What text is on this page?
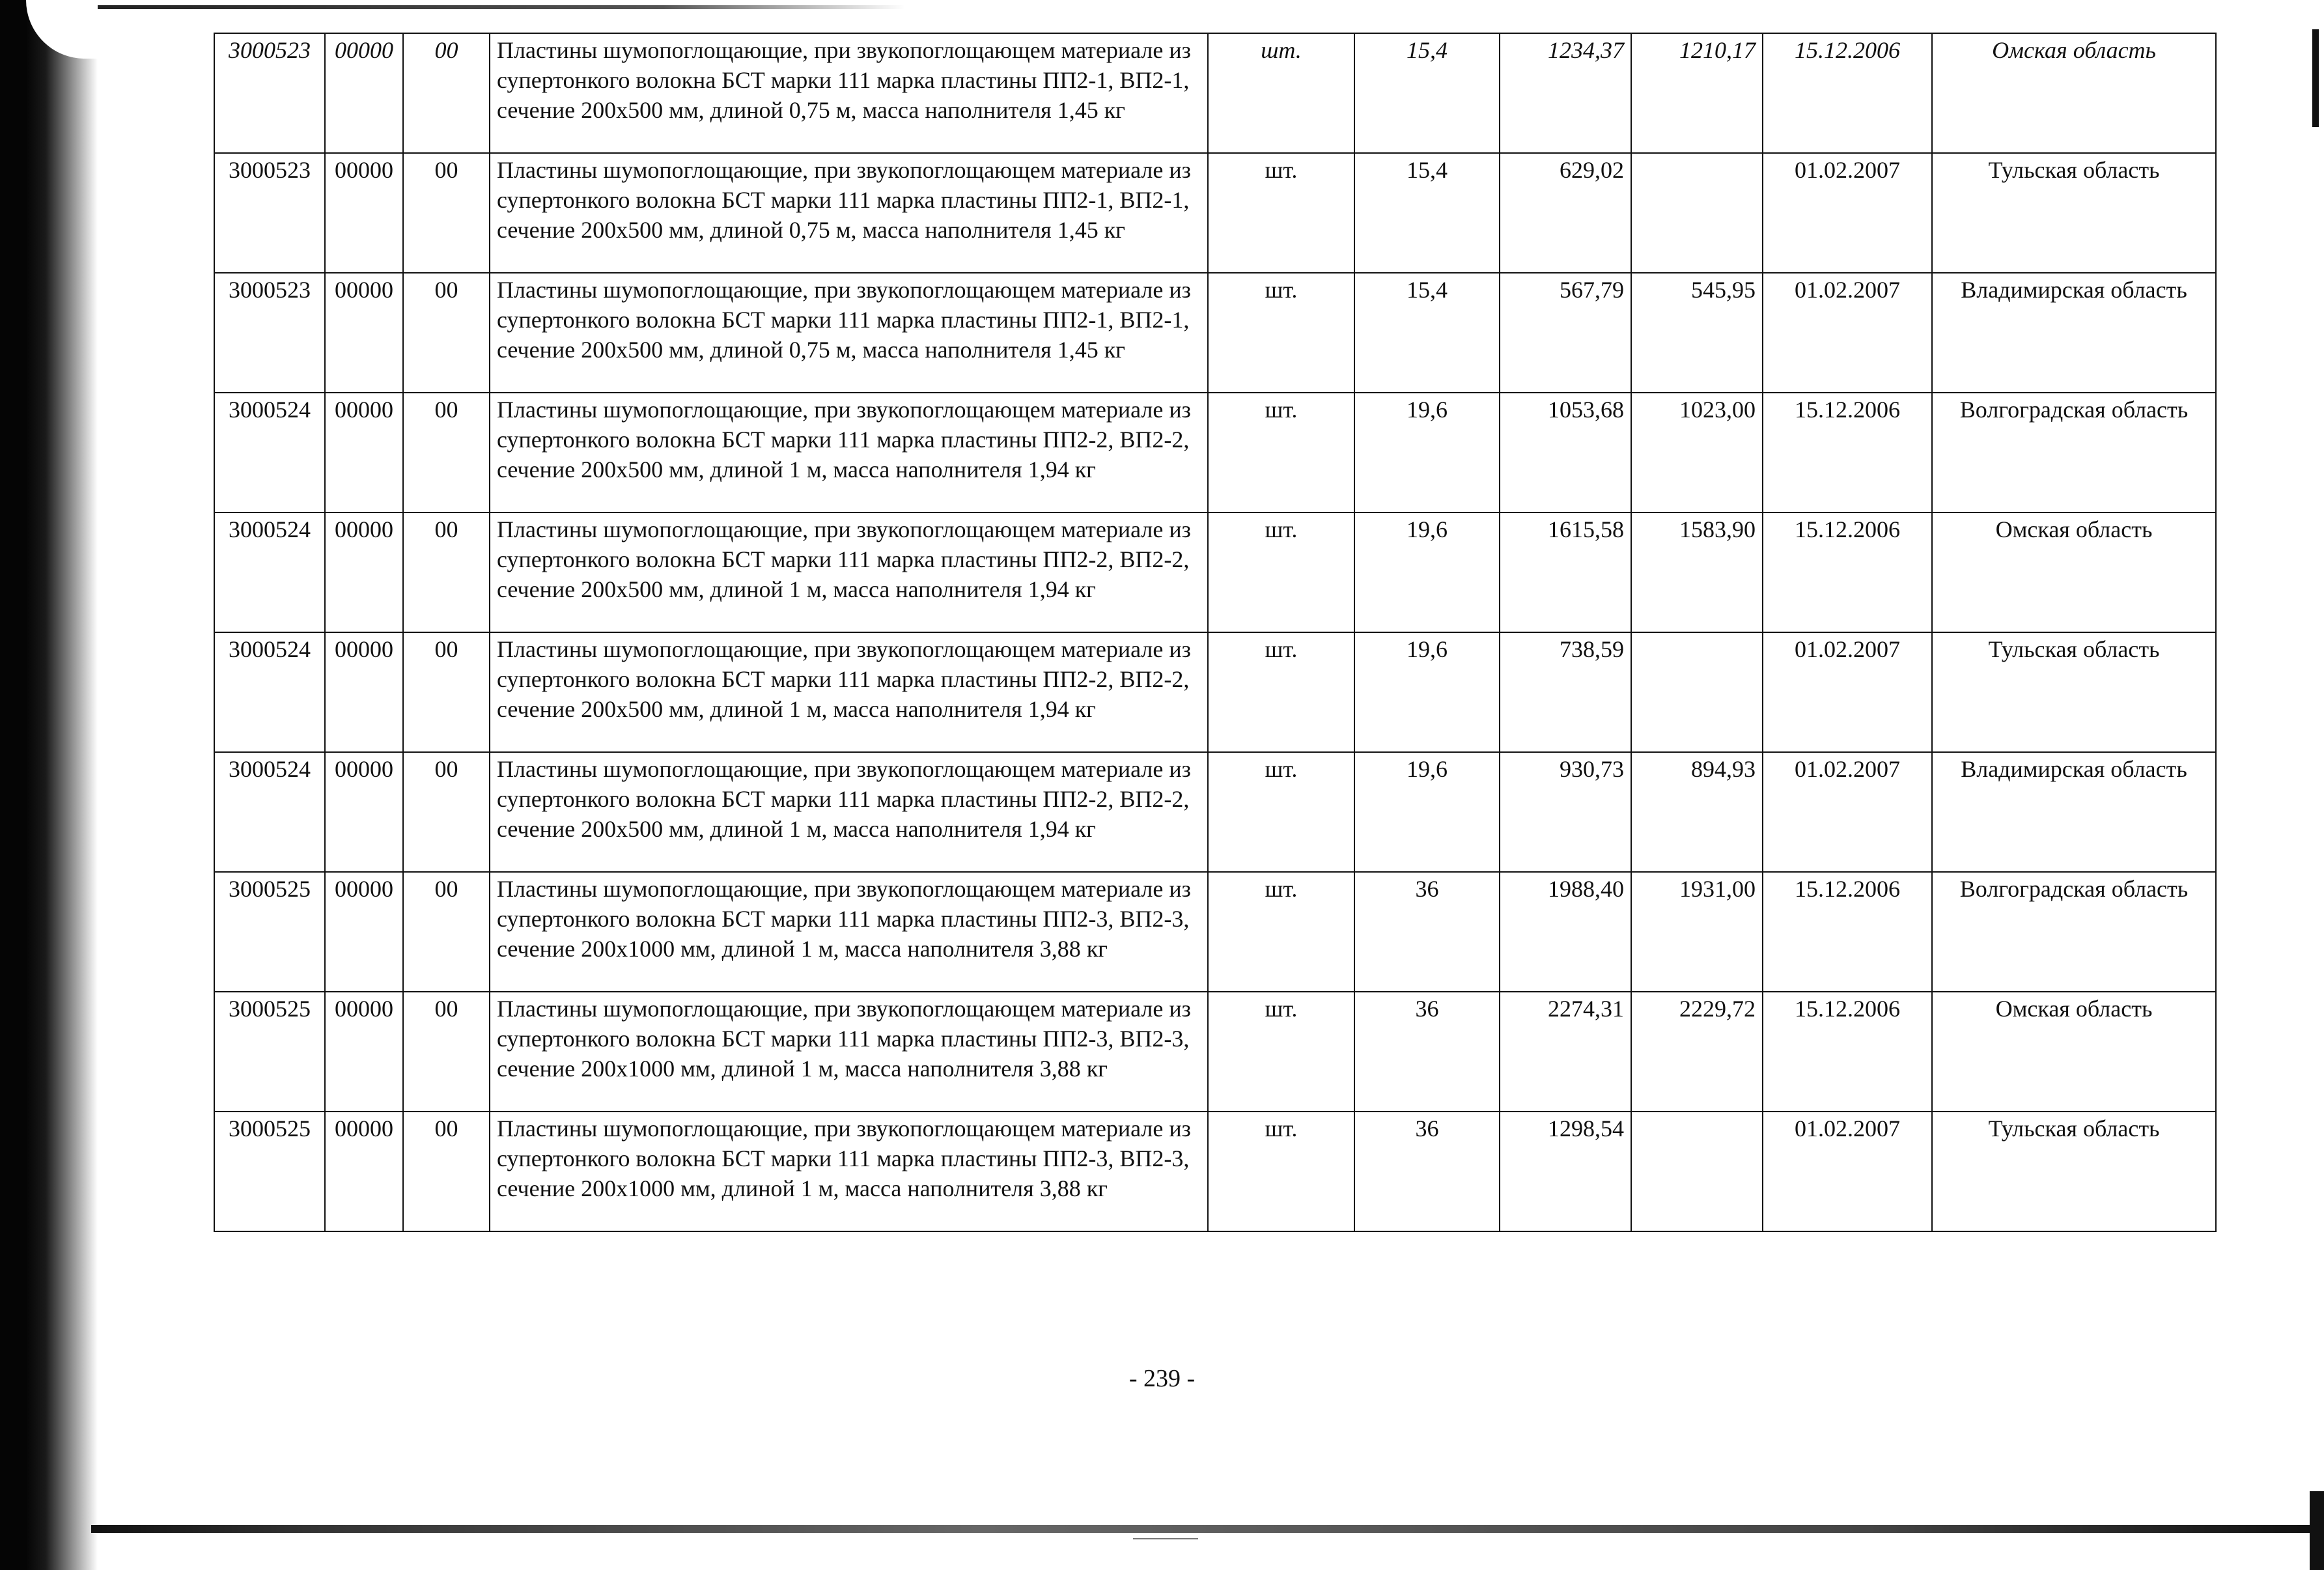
3000523	00000	00	Пластины шумопоглощающие, при звукопоглощающем материале из супертонкого волокна БСТ марки 111 марка пластины ПП2-1, ВП2-1, сечение 200х500 мм, длиной 0,75 м, масса наполнителя 1,45 кг	шт.	15,4	1234,37	1210,17	15.12.2006	Омская область
3000523	00000	00	Пластины шумопоглощающие, при звукопоглощающем материале из супертонкого волокна БСТ марки 111 марка пластины ПП2-1, ВП2-1, сечение 200х500 мм, длиной 0,75 м, масса наполнителя 1,45 кг	шт.	15,4	629,02		01.02.2007	Тульская область
3000523	00000	00	Пластины шумопоглощающие, при звукопоглощающем материале из супертонкого волокна БСТ марки 111 марка пластины ПП2-1, ВП2-1, сечение 200х500 мм, длиной 0,75 м, масса наполнителя 1,45 кг	шт.	15,4	567,79	545,95	01.02.2007	Владимирская область
3000524	00000	00	Пластины шумопоглощающие, при звукопоглощающем материале из супертонкого волокна БСТ марки 111 марка пластины ПП2-2, ВП2-2, сечение 200х500 мм, длиной 1 м, масса наполнителя 1,94 кг	шт.	19,6	1053,68	1023,00	15.12.2006	Волгоградская область
3000524	00000	00	Пластины шумопоглощающие, при звукопоглощающем материале из супертонкого волокна БСТ марки 111 марка пластины ПП2-2, ВП2-2, сечение 200х500 мм, длиной 1 м, масса наполнителя 1,94 кг	шт.	19,6	1615,58	1583,90	15.12.2006	Омская область
3000524	00000	00	Пластины шумопоглощающие, при звукопоглощающем материале из супертонкого волокна БСТ марки 111 марка пластины ПП2-2, ВП2-2, сечение 200х500 мм, длиной 1 м, масса наполнителя 1,94 кг	шт.	19,6	738,59		01.02.2007	Тульская область
3000524	00000	00	Пластины шумопоглощающие, при звукопоглощающем материале из супертонкого волокна БСТ марки 111 марка пластины ПП2-2, ВП2-2, сечение 200х500 мм, длиной 1 м, масса наполнителя 1,94 кг	шт.	19,6	930,73	894,93	01.02.2007	Владимирская область
3000525	00000	00	Пластины шумопоглощающие, при звукопоглощающем материале из супертонкого волокна БСТ марки 111 марка пластины ПП2-3, ВП2-3, сечение 200х1000 мм, длиной 1 м, масса наполнителя 3,88 кг	шт.	36	1988,40	1931,00	15.12.2006	Волгоградская область
3000525	00000	00	Пластины шумопоглощающие, при звукопоглощающем материале из супертонкого волокна БСТ марки 111 марка пластины ПП2-3, ВП2-3, сечение 200х1000 мм, длиной 1 м, масса наполнителя 3,88 кг	шт.	36	2274,31	2229,72	15.12.2006	Омская область
3000525	00000	00	Пластины шумопоглощающие, при звукопоглощающем материале из супертонкого волокна БСТ марки 111 марка пластины ПП2-3, ВП2-3, сечение 200х1000 мм, длиной 1 м, масса наполнителя 3,88 кг	шт.	36	1298,54		01.02.2007	Тульская область
- 239 -
